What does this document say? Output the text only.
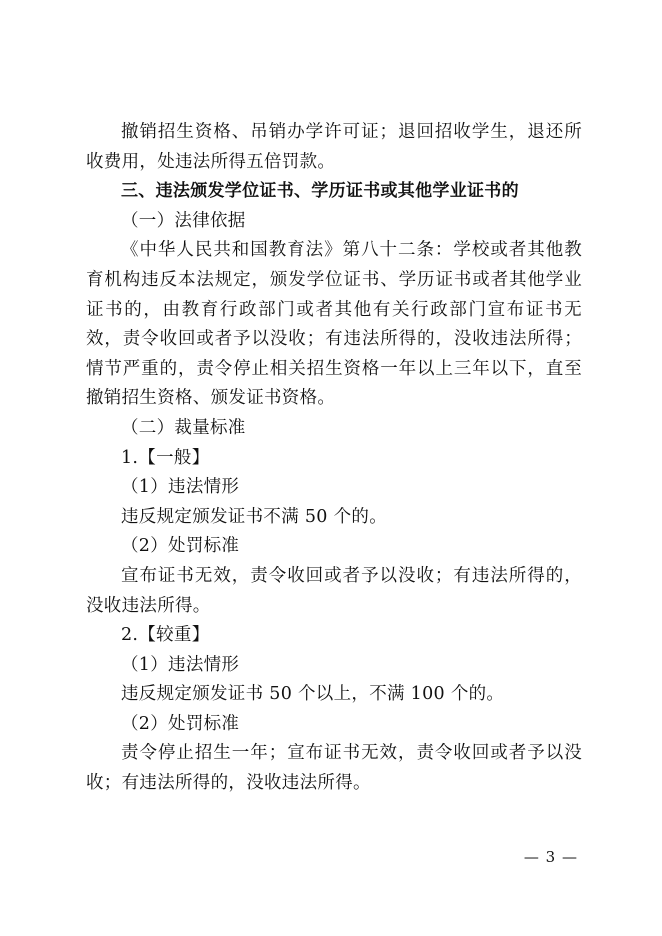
撤销招生资格、吊销办学许可证；退回招收学生，退还所收费用，处违法所得五倍罚款。

三、违法颁发学位证书、学历证书或其他学业证书的

（一）法律依据

《中华人民共和国教育法》第八十二条：学校或者其他教育机构违反本法规定，颁发学位证书、学历证书或者其他学业证书的，由教育行政部门或者其他有关行政部门宣布证书无效，责令收回或者予以没收；有违法所得的，没收违法所得；情节严重的，责令停止相关招生资格一年以上三年以下，直至撤销招生资格、颁发证书资格。

（二）裁量标准

1.【一般】

（1）违法情形

违反规定颁发证书不满 50 个的。

（2）处罚标准

宣布证书无效，责令收回或者予以没收；有违法所得的，没收违法所得。

2.【较重】

（1）违法情形

违反规定颁发证书 50 个以上，不满 100 个的。

（2）处罚标准

责令停止招生一年；宣布证书无效，责令收回或者予以没收；有违法所得的，没收违法所得。

— 3 —
